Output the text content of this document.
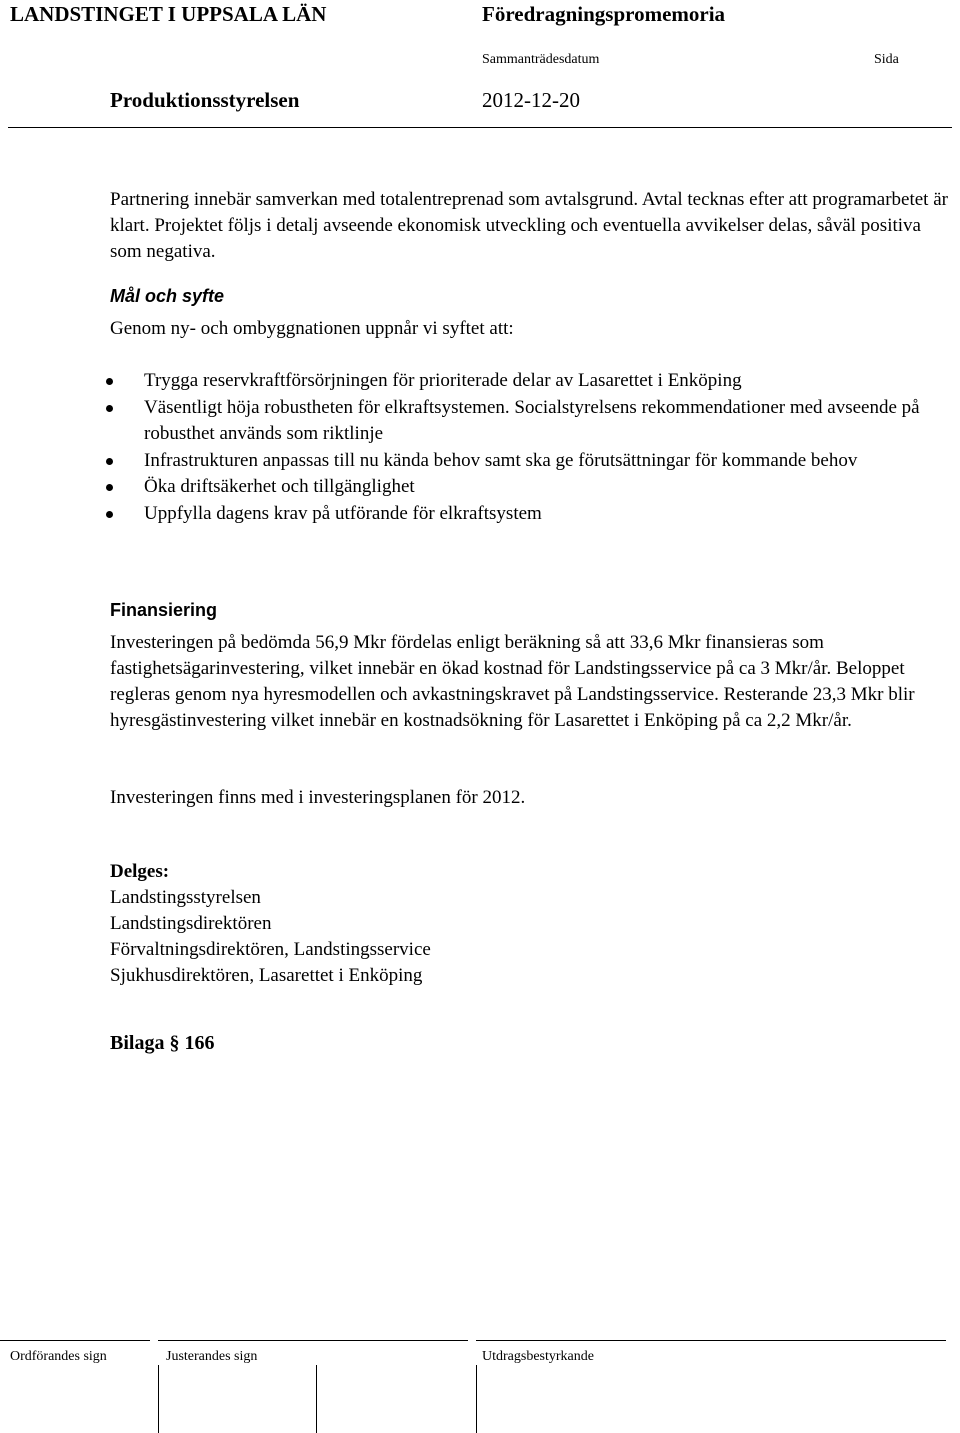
LANDSTINGET I UPPSALA LÄN	Föredragningspromemoria
Sammanträdesdatum	Sida
Produktionsstyrelsen	2012-12-20

Partnering innebär samverkan med totalentreprenad som avtalsgrund. Avtal tecknas efter att programarbetet är klart. Projektet följs i detalj avseende ekonomisk utveckling och eventuella avvikelser delas, såväl positiva som negativa.

Mål och syfte

Genom ny- och ombyggnationen uppnår vi syftet att:

Trygga reservkraftförsörjningen för prioriterade delar av Lasarettet i Enköping
Väsentligt höja robustheten för elkraftsystemen. Socialstyrelsens rekommendationer med avseende på robusthet används som riktlinje
Infrastrukturen anpassas till nu kända behov samt ska ge förutsättningar för kommande behov
Öka driftsäkerhet och tillgänglighet
Uppfylla dagens krav på utförande för elkraftsystem

Finansiering

Investeringen på bedömda 56,9 Mkr fördelas enligt beräkning så att 33,6 Mkr finansieras som fastighetsägarinvestering, vilket innebär en ökad kostnad för Landstingsservice på ca 3 Mkr/år. Beloppet regleras genom nya hyresmodellen och avkastningskravet på Landstingsservice. Resterande 23,3 Mkr blir hyresgästinvestering vilket innebär en kostnadsökning för Lasarettet i Enköping på ca 2,2 Mkr/år.

Investeringen finns med i investeringsplanen för 2012.

Delges:
Landstingsstyrelsen
Landstingsdirektören
Förvaltningsdirektören, Landstingsservice
Sjukhusdirektören, Lasarettet i Enköping
Bilaga § 166
Ordförandes sign	Justerandes sign	Utdragsbestyrkande
